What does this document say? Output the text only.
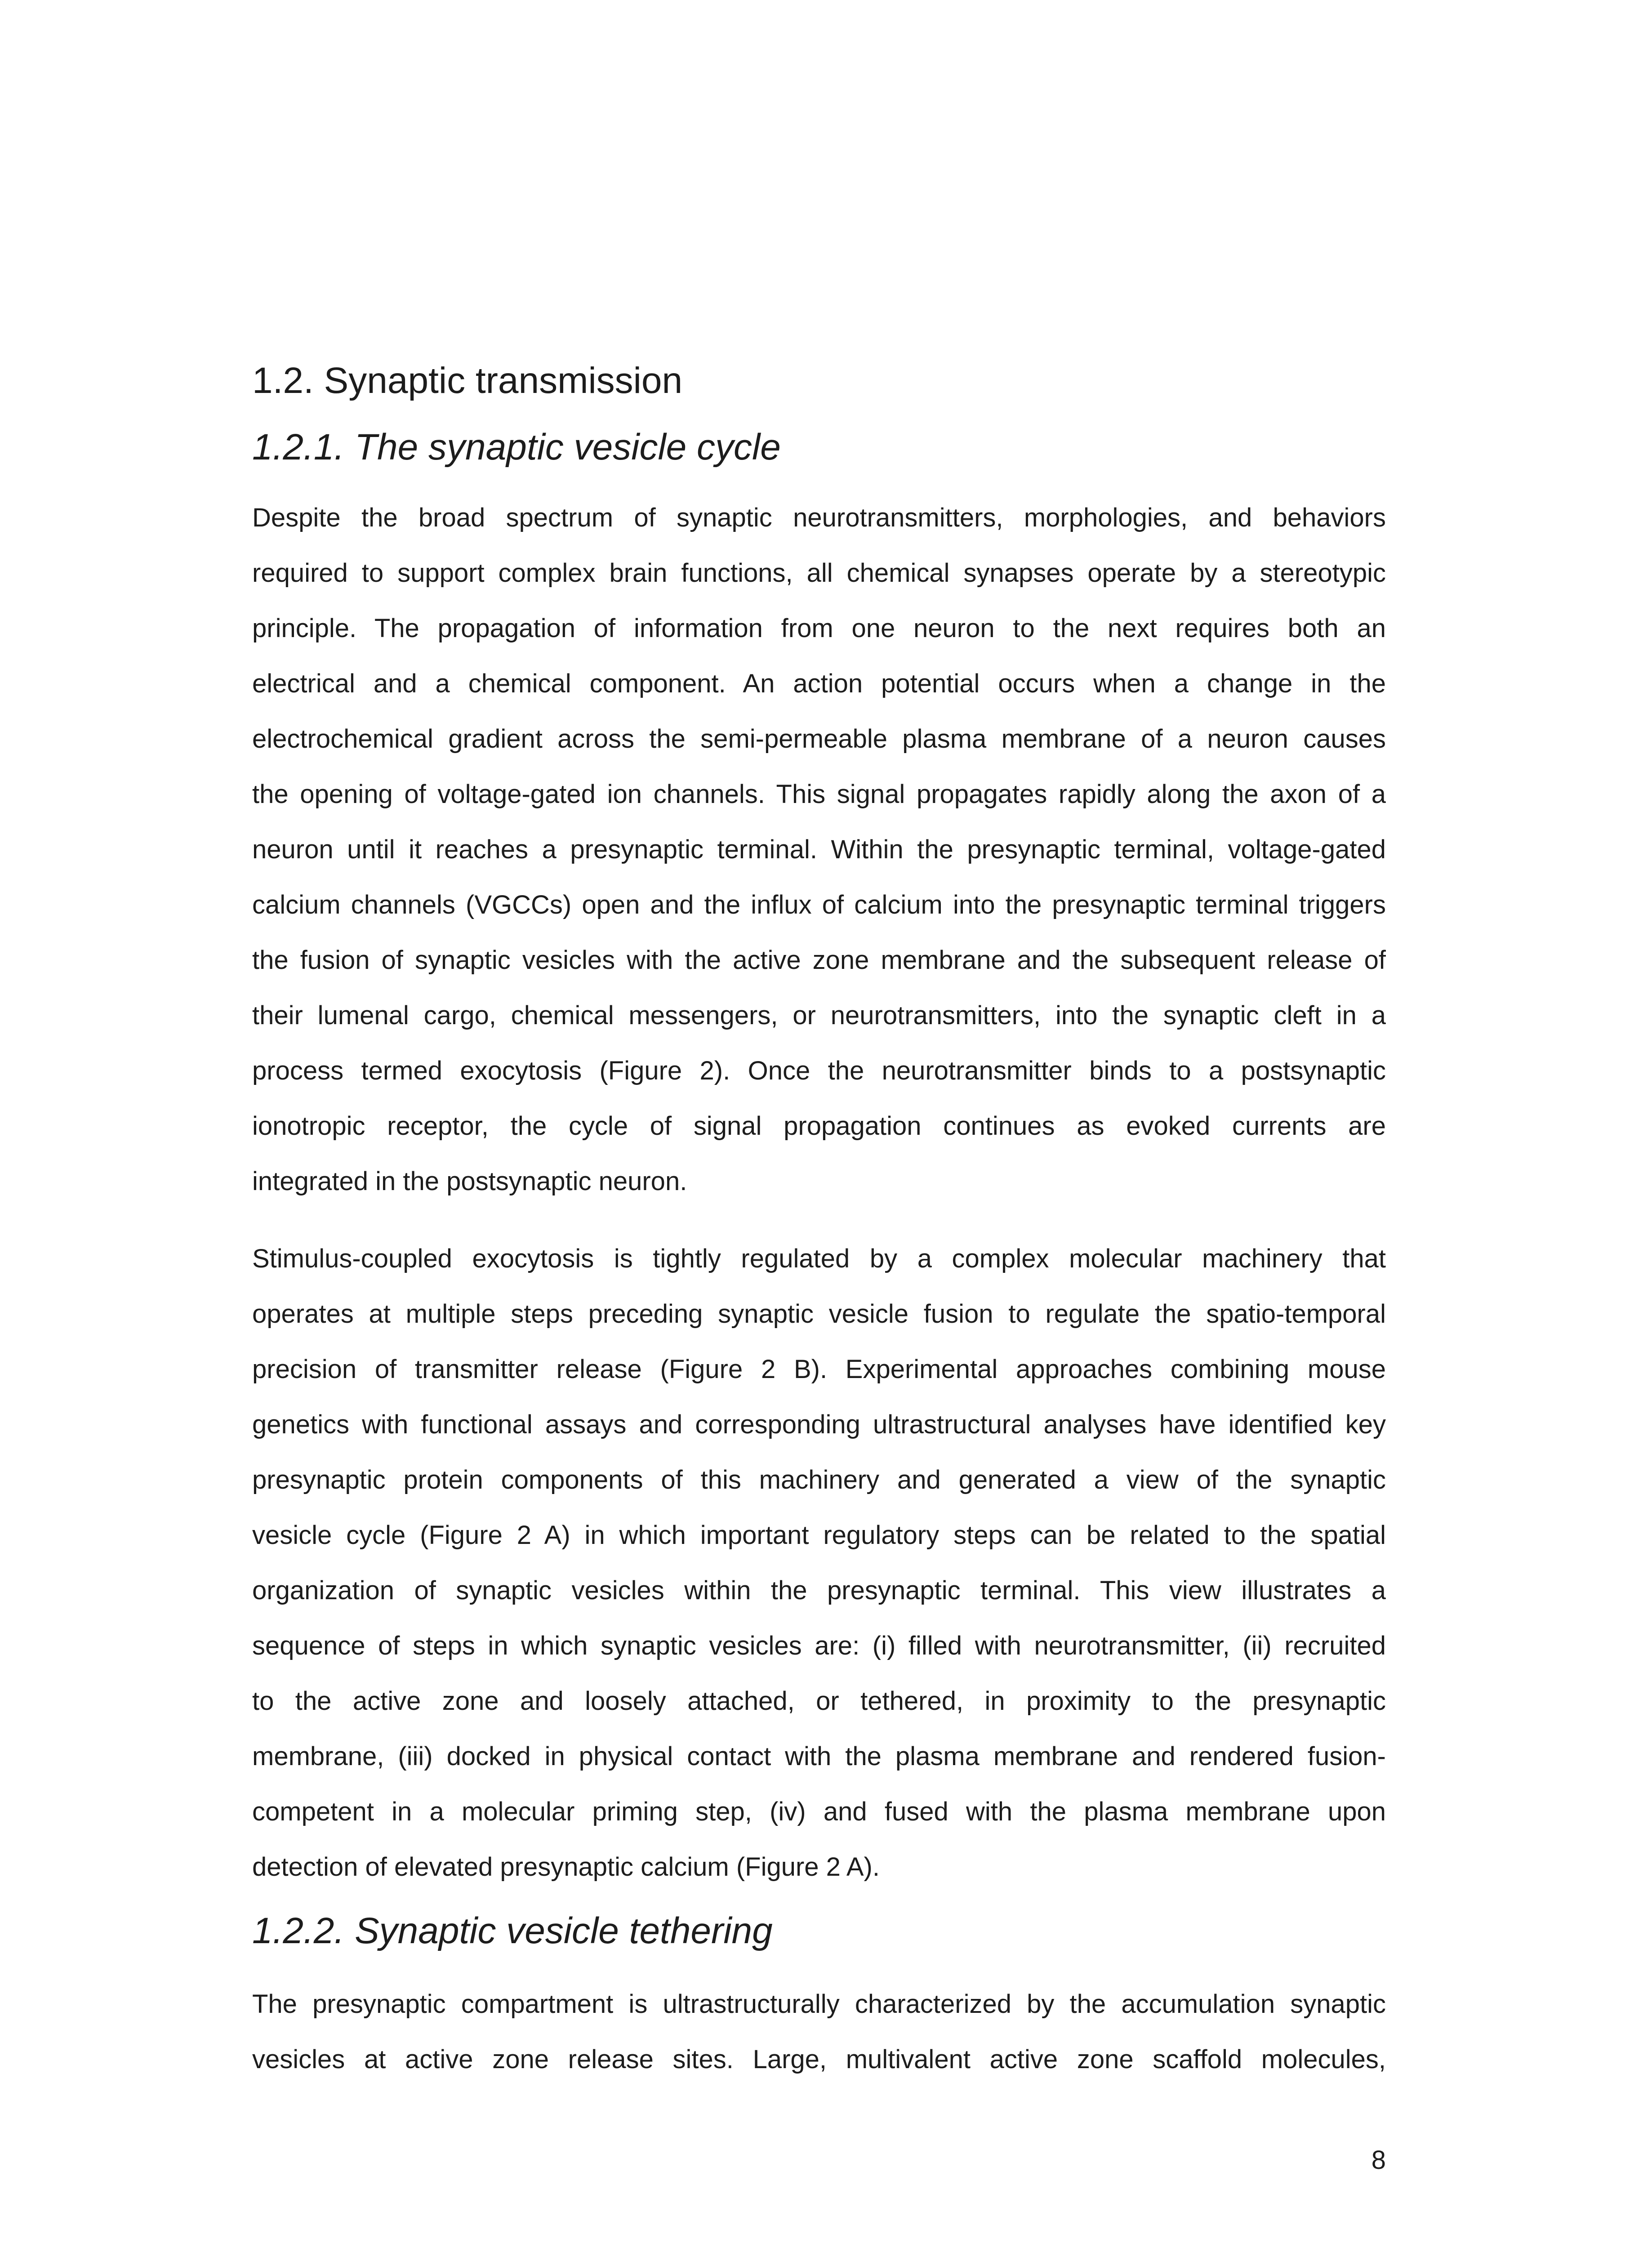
1.2. Synaptic transmission
1.2.1. The synaptic vesicle cycle
Despite the broad spectrum of synaptic neurotransmitters, morphologies, and behaviors
required to support complex brain functions, all chemical synapses operate by a stereotypic
principle. The propagation of information from one neuron to the next requires both an
electrical and a chemical component. An action potential occurs when a change in the
electrochemical gradient across the semi-permeable plasma membrane of a neuron causes
the opening of voltage-gated ion channels. This signal propagates rapidly along the axon of a
neuron until it reaches a presynaptic terminal. Within the presynaptic terminal, voltage-gated
calcium channels (VGCCs) open and the influx of calcium into the presynaptic terminal triggers
the fusion of synaptic vesicles with the active zone membrane and the subsequent release of
their lumenal cargo, chemical messengers, or neurotransmitters, into the synaptic cleft in a
process termed exocytosis (Figure 2). Once the neurotransmitter binds to a postsynaptic
ionotropic receptor, the cycle of signal propagation continues as evoked currents are
integrated in the postsynaptic neuron.
Stimulus-coupled exocytosis is tightly regulated by a complex molecular machinery that
operates at multiple steps preceding synaptic vesicle fusion to regulate the spatio-temporal
precision of transmitter release (Figure 2 B). Experimental approaches combining mouse
genetics with functional assays and corresponding ultrastructural analyses have identified key
presynaptic protein components of this machinery and generated a view of the synaptic
vesicle cycle (Figure 2 A) in which important regulatory steps can be related to the spatial
organization of synaptic vesicles within the presynaptic terminal. This view illustrates a
sequence of steps in which synaptic vesicles are: (i) filled with neurotransmitter, (ii) recruited
to the active zone and loosely attached, or tethered, in proximity to the presynaptic
membrane, (iii) docked in physical contact with the plasma membrane and rendered fusion-
competent in a molecular priming step, (iv) and fused with the plasma membrane upon
detection of elevated presynaptic calcium (Figure 2 A).
1.2.2. Synaptic vesicle tethering
The presynaptic compartment is ultrastructurally characterized by the accumulation synaptic
vesicles at active zone release sites. Large, multivalent active zone scaffold molecules,
8
